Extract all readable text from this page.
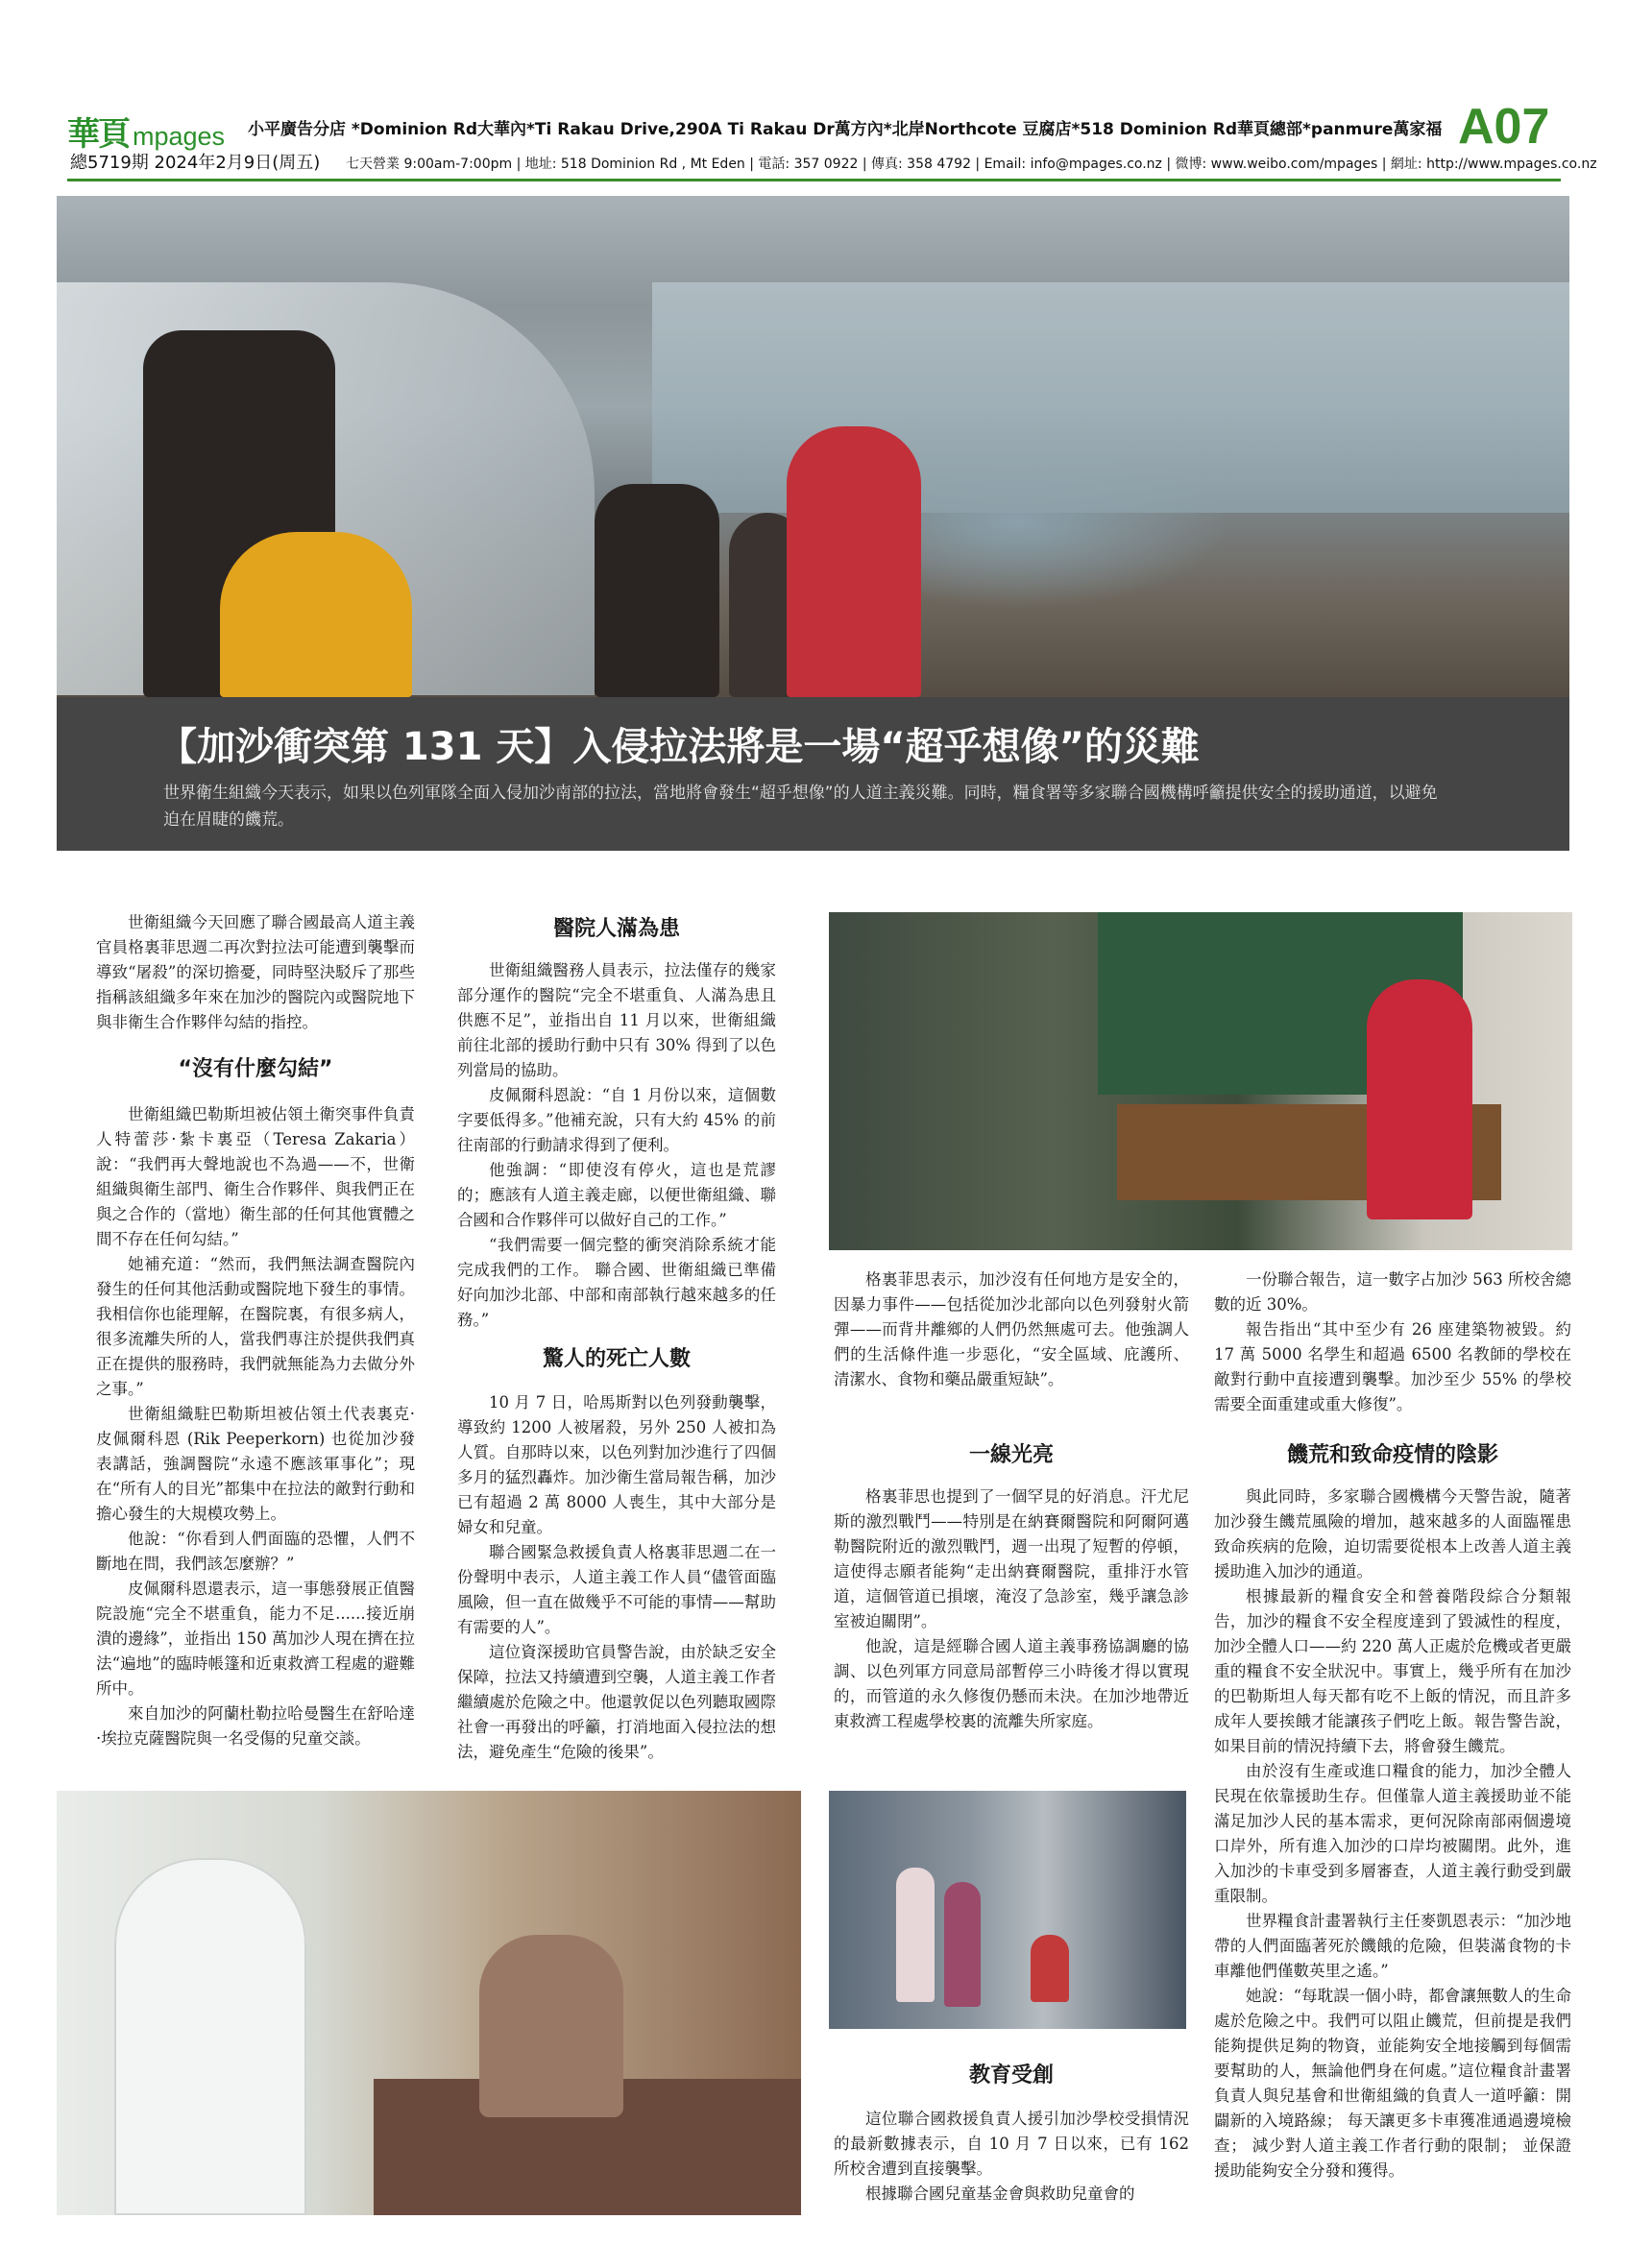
華頁 mpages 小平廣告分店 *Dominion Rd大華內*Ti Rakau Drive,290A Ti Rakau Dr萬方內*北岸Northcote 豆腐店*518 Dominion Rd華頁總部*panmure萬家福 A07
總5719期 2024年2月9日(周五) 七天營業 9:00am-7:00pm | 地址: 518 Dominion Rd , Mt Eden | 電話: 357 0922 | 傳真: 358 4792 | Email: info@mpages.co.nz | 微博: www.weibo.com/mpages | 網址: http://www.mpages.co.nz
【加沙衝突第 131 天】入侵拉法將是一場“超乎想像”的災難
世界衛生組織今天表示，如果以色列軍隊全面入侵加沙南部的拉法，當地將會發生“超乎想像”的人道主義災難。同時，糧食署等多家聯合國機構呼籲提供安全的援助通道，以避免迫在眉睫的饑荒。

世衛組織今天回應了聯合國最高人道主義官員格裏菲思週二再次對拉法可能遭到襲擊而導致“屠殺”的深切擔憂，同時堅決駁斥了那些指稱該組織多年來在加沙的醫院內或醫院地下與非衛生合作夥伴勾結的指控。

“沒有什麼勾結”

世衛組織巴勒斯坦被佔領土衛突事件負責人特蕾莎·紮卡裏亞（Teresa Zakaria）說：“我們再大聲地說也不為過——不，世衛組織與衛生部門、衛生合作夥伴、與我們正在與之合作的（當地）衛生部的任何其他實體之間不存在任何勾結。”

她補充道：“然而，我們無法調查醫院內發生的任何其他活動或醫院地下發生的事情。我相信你也能理解，在醫院裏，有很多病人，很多流離失所的人，當我們專注於提供我們真正在提供的服務時，我們就無能為力去做分外之事。”

世衛組織駐巴勒斯坦被佔領土代表裏克·皮佩爾科恩 (Rik Peeperkorn) 也從加沙發表講話，強調醫院“永遠不應該軍事化”；現在“所有人的目光”都集中在拉法的敵對行動和擔心發生的大規模攻勢上。

他說：“你看到人們面臨的恐懼，人們不斷地在問，我們該怎麼辦？”

皮佩爾科恩還表示，這一事態發展正值醫院設施“完全不堪重負，能力不足......接近崩潰的邊緣”，並指出 150 萬加沙人現在擠在拉法“遍地”的臨時帳篷和近東救濟工程處的避難所中。

來自加沙的阿蘭杜勒拉哈曼醫生在舒哈達·埃拉克薩醫院與一名受傷的兒童交談。

醫院人滿為患

世衛組織醫務人員表示，拉法僅存的幾家部分運作的醫院“完全不堪重負、人滿為患且供應不足”，並指出自 11 月以來，世衛組織前往北部的援助行動中只有 30% 得到了以色列當局的協助。

皮佩爾科恩說：“自 1 月份以來，這個數字要低得多。”他補充說，只有大約 45% 的前往南部的行動請求得到了便利。

他強調：“即使沒有停火，這也是荒謬的；應該有人道主義走廊，以便世衛組織、聯合國和合作夥伴可以做好自己的工作。”

“我們需要一個完整的衝突消除系統才能完成我們的工作。 聯合國、世衛組織已準備好向加沙北部、中部和南部執行越來越多的任務。”

驚人的死亡人數

10 月 7 日，哈馬斯對以色列發動襲擊，導致約 1200 人被屠殺，另外 250 人被扣為人質。自那時以來，以色列對加沙進行了四個多月的猛烈轟炸。加沙衛生當局報告稱，加沙已有超過 2 萬 8000 人喪生，其中大部分是婦女和兒童。

聯合國緊急救援負責人格裏菲思週二在一份聲明中表示，人道主義工作人員“儘管面臨風險，但一直在做幾乎不可能的事情——幫助有需要的人”。

這位資深援助官員警告說，由於缺乏安全保障，拉法又持續遭到空襲，人道主義工作者繼續處於危險之中。他還敦促以色列聽取國際社會一再發出的呼籲，打消地面入侵拉法的想法，避免產生“危險的後果”。

格裏菲思表示，加沙沒有任何地方是安全的，因暴力事件——包括從加沙北部向以色列發射火箭彈——而背井離鄉的人們仍然無處可去。他強調人們的生活條件進一步惡化，“安全區域、庇護所、清潔水、食物和藥品嚴重短缺”。

一線光亮

格裏菲思也提到了一個罕見的好消息。汗尤尼斯的激烈戰鬥——特別是在納賽爾醫院和阿爾阿邁勒醫院附近的激烈戰鬥，週一出現了短暫的停頓，這使得志願者能夠“走出納賽爾醫院，重排汙水管道，這個管道已損壞，淹沒了急診室，幾乎讓急診室被迫關閉”。

他說，這是經聯合國人道主義事務協調廳的協調、以色列軍方同意局部暫停三小時後才得以實現的，而管道的永久修復仍懸而未決。在加沙地帶近東救濟工程處學校裏的流離失所家庭。

一份聯合報告，這一數字占加沙 563 所校舍總數的近 30%。

報告指出“其中至少有 26 座建築物被毀。約 17 萬 5000 名學生和超過 6500 名教師的學校在敵對行動中直接遭到襲擊。加沙至少 55% 的學校需要全面重建或重大修復”。

饑荒和致命疫情的陰影

與此同時，多家聯合國機構今天警告說，隨著加沙發生饑荒風險的增加，越來越多的人面臨罹患致命疾病的危險，迫切需要從根本上改善人道主義援助進入加沙的通道。

根據最新的糧食安全和營養階段綜合分類報告，加沙的糧食不安全程度達到了毀滅性的程度，加沙全體人口——約 220 萬人正處於危機或者更嚴重的糧食不安全狀況中。事實上，幾乎所有在加沙的巴勒斯坦人每天都有吃不上飯的情況，而且許多成年人要挨餓才能讓孩子們吃上飯。報告警告說，如果目前的情況持續下去，將會發生饑荒。

由於沒有生產或進口糧食的能力，加沙全體人民現在依靠援助生存。但僅靠人道主義援助並不能滿足加沙人民的基本需求，更何況除南部兩個邊境口岸外，所有進入加沙的口岸均被關閉。此外，進入加沙的卡車受到多層審查，人道主義行動受到嚴重限制。

世界糧食計畫署執行主任麥凱恩表示：“加沙地帶的人們面臨著死於饑餓的危險，但裝滿食物的卡車離他們僅數英里之遙。”

她說：“每耽誤一個小時，都會讓無數人的生命處於危險之中。我們可以阻止饑荒，但前提是我們能夠提供足夠的物資，並能夠安全地接觸到每個需要幫助的人，無論他們身在何處。”這位糧食計畫署負責人與兒基會和世衛組織的負責人一道呼籲：開闢新的入境路線； 每天讓更多卡車獲准通過邊境檢查； 減少對人道主義工作者行動的限制； 並保證援助能夠安全分發和獲得。

教育受創

這位聯合國救援負責人援引加沙學校受損情況的最新數據表示，自 10 月 7 日以來，已有 162 所校舍遭到直接襲擊。

根據聯合國兒童基金會與救助兒童會的
